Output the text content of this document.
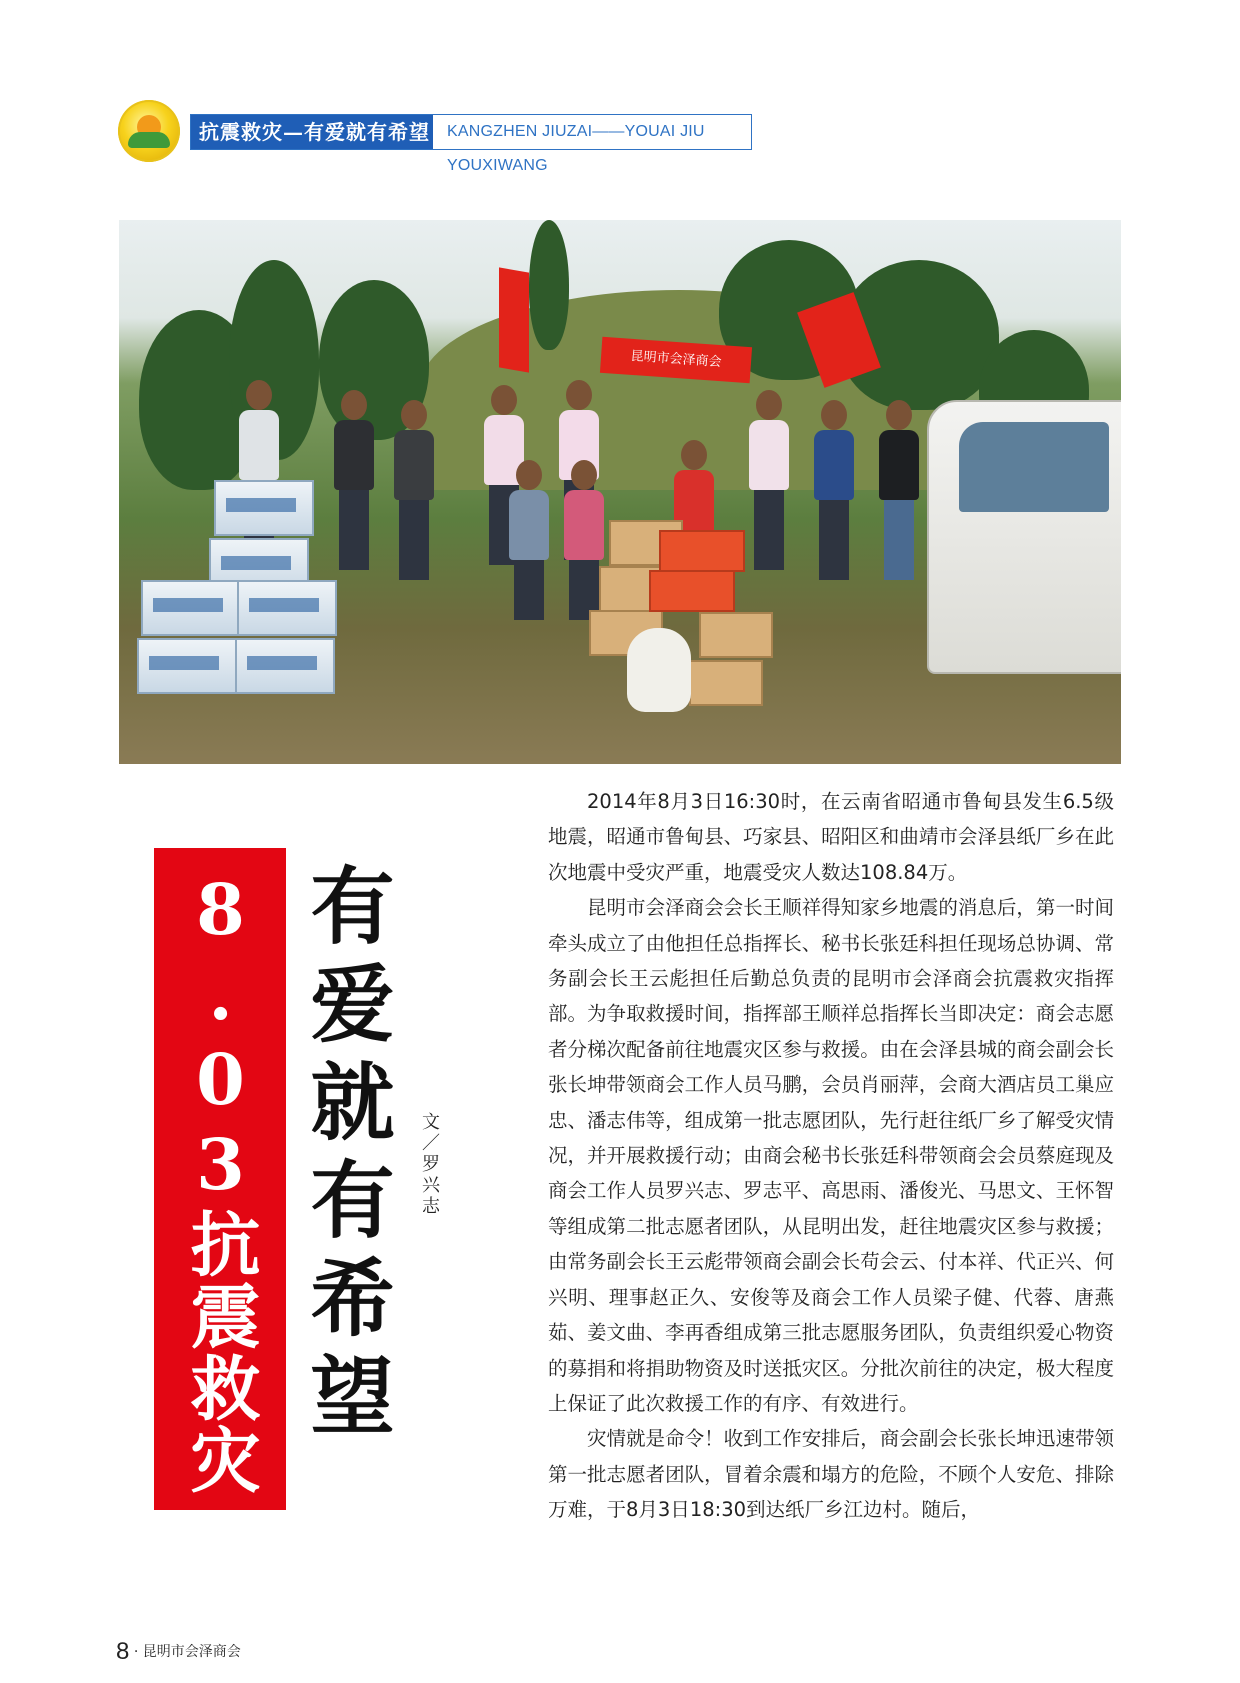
抗震救灾—有爱就有希望 KANGZHEN JIUZAI——YOUAI JIU YOUXIWANG
昆明市会泽商会
8.03抗震救灾 有爱就有希望 文／罗兴志

2014年8月3日16:30时，在云南省昭通市鲁甸县发生6.5级地震，昭通市鲁甸县、巧家县、昭阳区和曲靖市会泽县纸厂乡在此次地震中受灾严重，地震受灾人数达108.84万。

昆明市会泽商会会长王顺祥得知家乡地震的消息后，第一时间牵头成立了由他担任总指挥长、秘书长张廷科担任现场总协调、常务副会长王云彪担任后勤总负责的昆明市会泽商会抗震救灾指挥部。为争取救援时间，指挥部王顺祥总指挥长当即决定：商会志愿者分梯次配备前往地震灾区参与救援。由在会泽县城的商会副会长张长坤带领商会工作人员马鹏，会员肖丽萍，会商大酒店员工巢应忠、潘志伟等，组成第一批志愿团队，先行赶往纸厂乡了解受灾情况，并开展救援行动；由商会秘书长张廷科带领商会会员蔡庭现及商会工作人员罗兴志、罗志平、高思雨、潘俊光、马思文、王怀智等组成第二批志愿者团队，从昆明出发，赶往地震灾区参与救援；由常务副会长王云彪带领商会副会长苟会云、付本祥、代正兴、何兴明、理事赵正久、安俊等及商会工作人员梁子健、代蓉、唐燕茹、姜文曲、李再香组成第三批志愿服务团队，负责组织爱心物资的募捐和将捐助物资及时送抵灾区。分批次前往的决定，极大程度上保证了此次救援工作的有序、有效进行。

灾情就是命令！收到工作安排后，商会副会长张长坤迅速带领第一批志愿者团队，冒着余震和塌方的危险，不顾个人安危、排除万难，于8月3日18:30到达纸厂乡江边村。随后，

8 · 昆明市会泽商会
